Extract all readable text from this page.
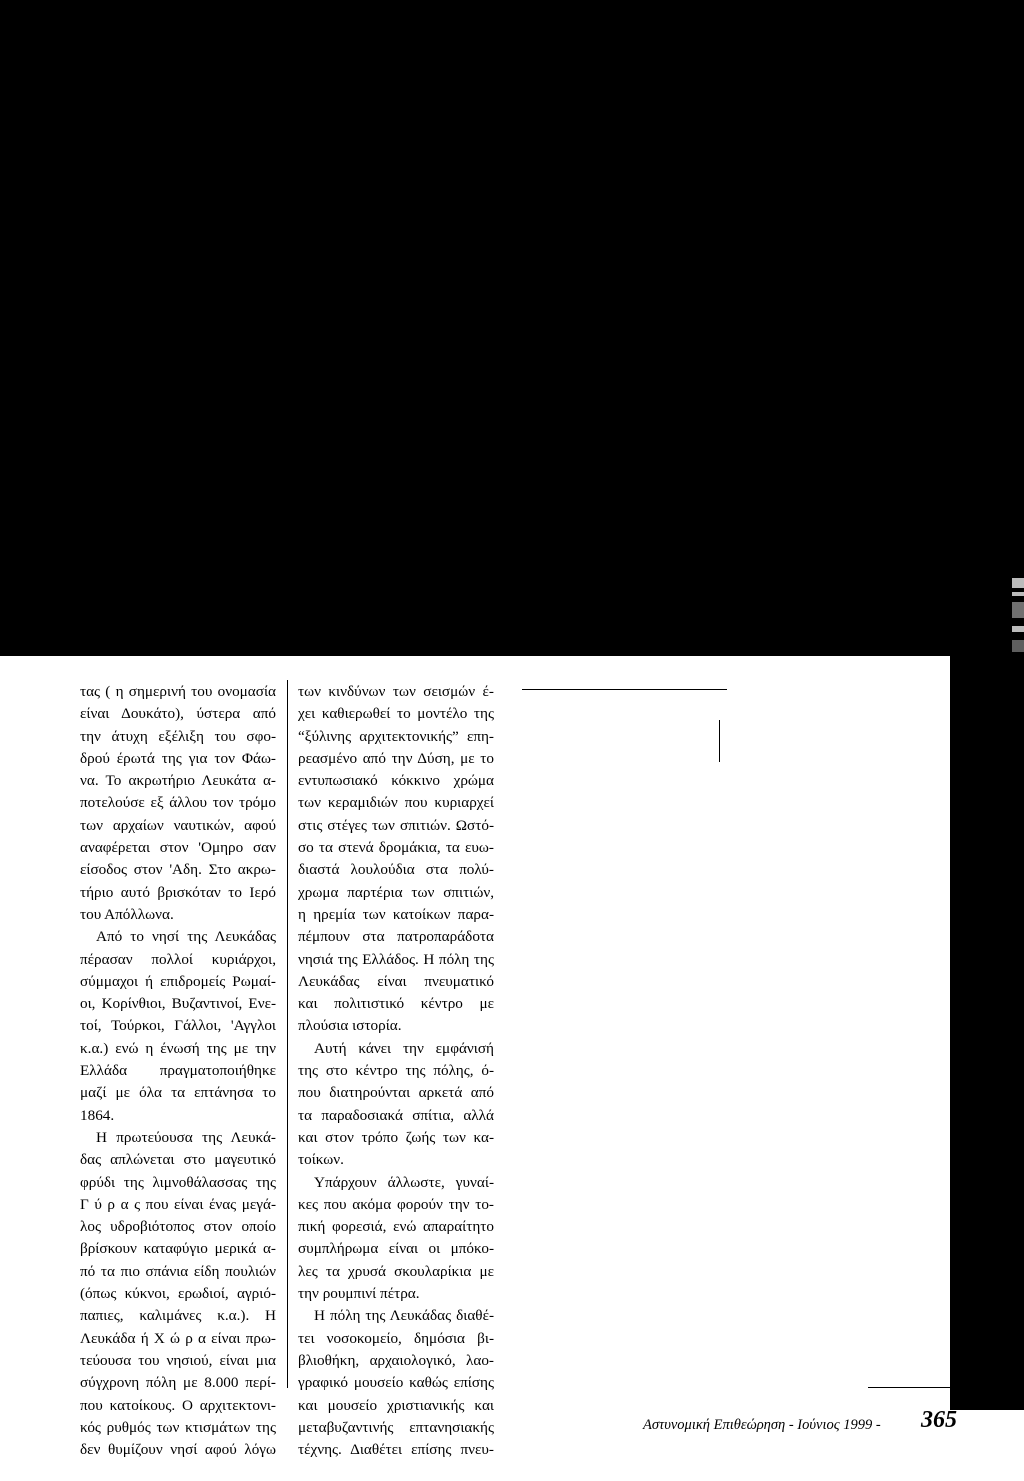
τας ( η σημερινή του ονομασία
είναι Δουκάτο), ύστερα από
την άτυχη εξέλιξη του σφο-
δρού έρωτά της για τον Φάω-
να. Το ακρωτήριο Λευκάτα α-
ποτελούσε εξ άλλου τον τρόμο
των αρχαίων ναυτικών, αφού
αναφέρεται στον 'Ομηρο σαν
είσοδος στον 'Αδη. Στο ακρω-
τήριο αυτό βρισκόταν το Ιερό
του Απόλλωνα.
Από το νησί της Λευκάδας
πέρασαν πολλοί κυριάρχοι,
σύμμαχοι ή επιδρομείς Ρωμαί-
οι, Κορίνθιοι, Βυζαντινοί, Ενε-
τοί, Τούρκοι, Γάλλοι, 'Αγγλοι
κ.α.) ενώ η ένωσή της με την
Ελλάδα πραγματοποιήθηκε
μαζί με όλα τα επτάνησα το
1864.
Η πρωτεύουσα της Λευκά-
δας απλώνεται στο μαγευτικό
φρύδι της λιμνοθάλασσας της
Γ ύ ρ α ς που είναι ένας μεγά-
λος υδροβιότοπος στον οποίο
βρίσκουν καταφύγιο μερικά α-
πό τα πιο σπάνια είδη πουλιών
(όπως κύκνοι, ερωδιοί, αγριό-
παπιες, καλιμάνες κ.α.). Η
Λευκάδα ή Χ ώ ρ α είναι πρω-
τεύουσα του νησιού, είναι μια
σύγχρονη πόλη με 8.000 περί-
που κατοίκους. Ο αρχιτεκτονι-
κός ρυθμός των κτισμάτων της
δεν θυμίζουν νησί αφού λόγω
των κινδύνων των σεισμών έ-
χει καθιερωθεί το μοντέλο της
“ξύλινης αρχιτεκτονικής” επη-
ρεασμένο από την Δύση, με το
εντυπωσιακό κόκκινο χρώμα
των κεραμιδιών που κυριαρχεί
στις στέγες των σπιτιών. Ωστό-
σο τα στενά δρομάκια, τα ευω-
διαστά λουλούδια στα πολύ-
χρωμα παρτέρια των σπιτιών,
η ηρεμία των κατοίκων παρα-
πέμπουν στα πατροπαράδοτα
νησιά της Ελλάδος. Η πόλη της
Λευκάδας είναι πνευματικό
και πολιτιστικό κέντρο με
πλούσια ιστορία.
Αυτή κάνει την εμφάνισή
της στο κέντρο της πόλης, ό-
που διατηρούνται αρκετά από
τα παραδοσιακά σπίτια, αλλά
και στον τρόπο ζωής των κα-
τοίκων.
Υπάρχουν άλλωστε, γυναί-
κες που ακόμα φορούν την το-
πική φορεσιά, ενώ απαραίτητο
συμπλήρωμα είναι οι μπόκο-
λες τα χρυσά σκουλαρίκια με
την ρουμπινί πέτρα.
Η πόλη της Λευκάδας διαθέ-
τει νοσοκομείο, δημόσια βι-
βλιοθήκη, αρχαιολογικό, λαο-
γραφικό μουσείο καθώς επίσης
και μουσείο χριστιανικής και
μεταβυζαντινής επτανησιακής
τέχνης. Διαθέτει επίσης πνευ-
Αστυνομική Επιθεώρηση - Ιούνιος 1999 - 365
